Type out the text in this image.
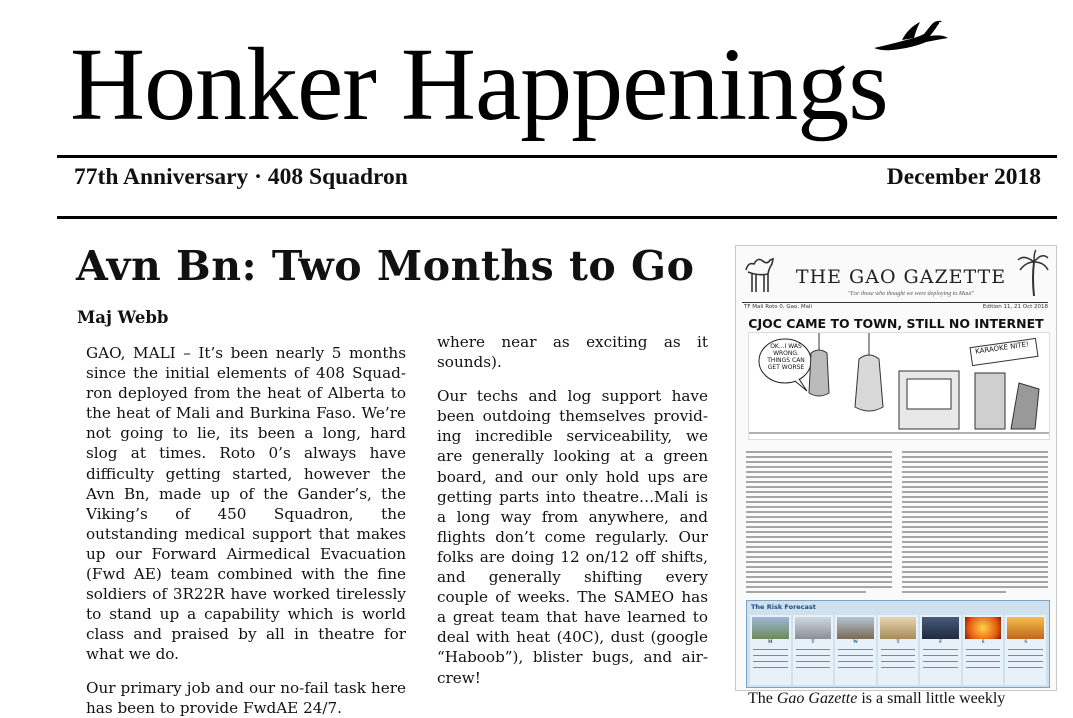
Honker Happenings
77th Anniversary · 408 Squadron	December 2018
Avn Bn: Two Months to Go
Maj Webb

GAO, MALI – It’s been nearly 5 months since the initial elements of 408 Squadron deployed from the heat of Alberta to the heat of Mali and Burkina Faso. We’re not going to lie, its been a long, hard slog at times. Roto 0’s always have difficulty getting started, however the Avn Bn, made up of the Gander’s, the Viking’s of 450 Squadron, the outstanding medical support that makes up our Forward Airmedical Evacuation (Fwd AE) team combined with the fine soldiers of 3R22R have worked tirelessly to stand up a capability which is world class and praised by all in theatre for what we do.

Our primary job and our no-fail task here has been to provide FwdAE 24/7.

where near as exciting as it sounds).

Our techs and log support have been outdoing themselves providing incredible serviceability, we are generally looking at a green board, and our only hold ups are getting parts into theatre…Mali is a long way from anywhere, and flights don’t come regularly. Our folks are doing 12 on/12 off shifts, and generally shifting every couple of weeks. The SAMEO has a great team that have learned to deal with heat (40C), dust (google “Haboob”), blister bugs, and aircrew!

THE GAO GAZETTE
"For those who thought we were deploying to Maui"
TF Mali Roto 0, Gao, Mali	Edition 11, 21 Oct 2018
CJOC CAME TO TOWN, STILL NO INTERNET
OK...I WAS WRONG. THINGS CAN GET WORSE
KARAOKE NITE!
The Risk Forecast
M	T	W	T	F	S	S
The Gao Gazette is a small little weekly
